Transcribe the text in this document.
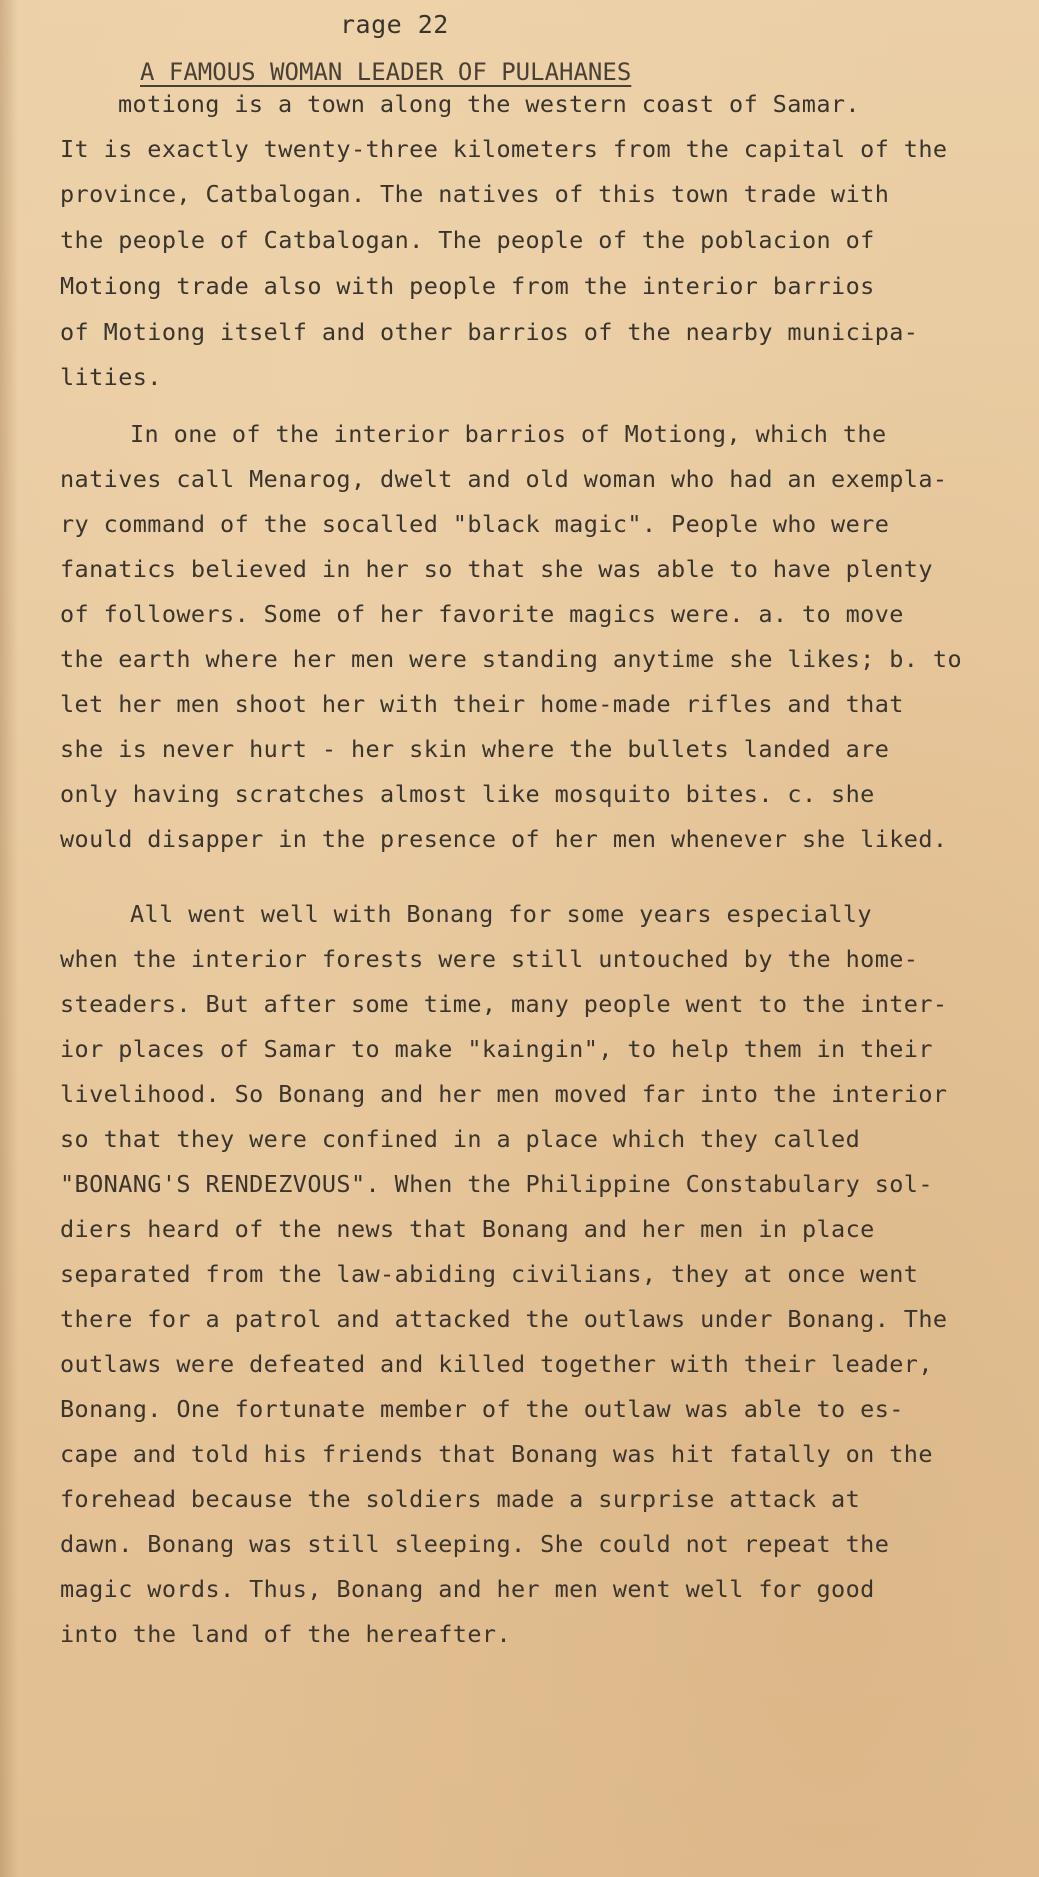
rage 22
A FAMOUS WOMAN LEADER OF PULAHANES
motiong is a town along the western coast of Samar.
It is exactly twenty-three kilometers from the capital of the
province, Catbalogan. The natives of this town trade with
the people of Catbalogan. The people of the poblacion of
Motiong trade also with people from the interior barrios
of Motiong itself and other barrios of the nearby municipa-
lities.
In one of the interior barrios of Motiong, which the
natives call Menarog, dwelt and old woman who had an exempla-
ry command of the socalled "black magic". People who were
fanatics believed in her so that she was able to have plenty
of followers. Some of her favorite magics were. a. to move
the earth where her men were standing anytime she likes; b. to
let her men shoot her with their home-made rifles and that
she is never hurt - her skin where the bullets landed are
only having scratches almost like mosquito bites. c. she
would disapper in the presence of her men whenever she liked.
All went well with Bonang for some years especially
when the interior forests were still untouched by the home-
steaders. But after some time, many people went to the inter-
ior places of Samar to make "kaingin", to help them in their
livelihood. So Bonang and her men moved far into the interior
so that they were confined in a place which they called
"BONANG'S RENDEZVOUS". When the Philippine Constabulary sol-
diers heard of the news that Bonang and her men in place
separated from the law-abiding civilians, they at once went
there for a patrol and attacked the outlaws under Bonang. The
outlaws were defeated and killed together with their leader,
Bonang. One fortunate member of the outlaw was able to es-
cape and told his friends that Bonang was hit fatally on the
forehead because the soldiers made a surprise attack at
dawn. Bonang was still sleeping. She could not repeat the
magic words. Thus, Bonang and her men went well for good
into the land of the hereafter.
